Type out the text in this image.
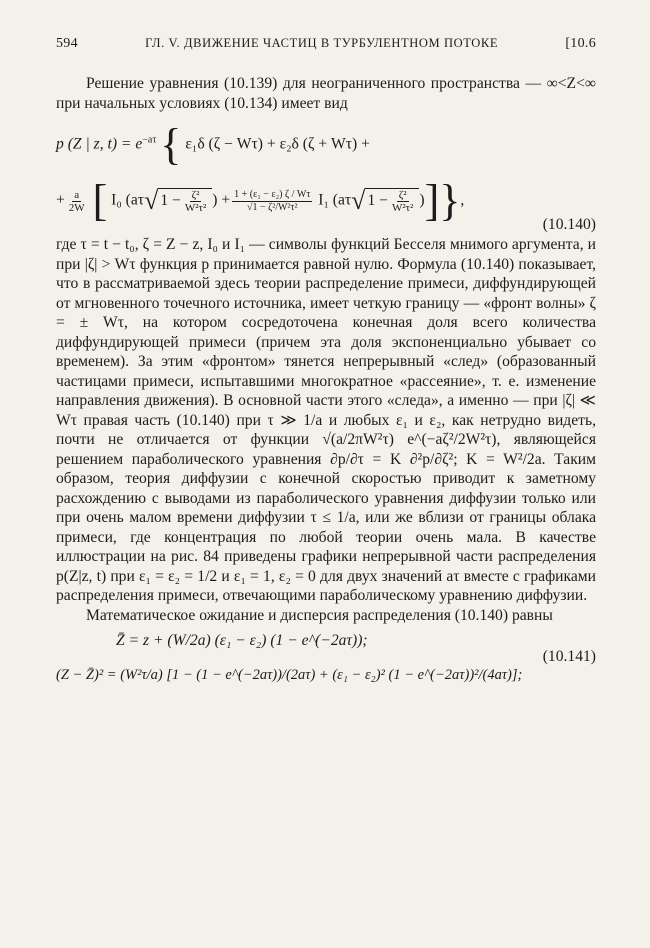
594	ГЛ. V. ДВИЖЕНИЕ ЧАСТИЦ В ТУРБУЛЕНТНОМ ПОТОКЕ	[10.6

Решение уравнения (10.139) для неограниченного пространства — ∞<Z<∞ при начальных условиях (10.134) имеет вид

p (Z | z, $t) = e^{-a\tau}$ { ε₁δ (ζ − Wτ) + ε₂δ (ζ + Wτ) +
+ $\frac{a}{2W}$ [ I₀ (aτ√ $1 - \frac{\text{ζ²}}{\text{W²τ²}}$ ) + $\frac{\text{1 + (ε₁ − ε₂) ζ / Wτ}}{\text{√1 − ζ²/W²τ²}} I_1$ (aτ√ $1 - \frac{\text{ζ²}}{\text{W²τ²}}$ )]},
(10.140)

где τ = t − t₀, ζ = Z − z, I₀ и I₁ — символы функций Бесселя мнимого аргумента, и при |ζ| > Wτ функция p принимается равной нулю. Формула (10.140) показывает, что в рассматриваемой здесь теории распределение примеси, диффундирующей от мгновенного точечного источника, имеет четкую границу — «фронт волны» ζ = ± Wτ, на котором сосредоточена конечная доля всего количества диффундирующей примеси (причем эта доля экспоненциально убывает со временем). За этим «фронтом» тянется непрерывный «след» (образованный частицами примеси, испытавшими многократное «рассеяние», т. е. изменение направления движения). В основной части этого «следа», а именно — при |ζ| ≪ Wτ правая часть (10.140) при τ ≫ 1/a и любых ε₁ и ε₂, как нетрудно видеть, почти не отличается от функции √(a/2πW²τ) e^(−aζ²/2W²τ), являющейся решением параболического уравнения ∂p/∂τ = K ∂²p/∂ζ²; K = W²/2a. Таким образом, теория диффузии с конечной скоростью приводит к заметному расхождению с выводами из параболического уравнения диффузии только или при очень малом времени диффузии τ ≤ 1/a, или же вблизи от границы облака примеси, где концентрация по любой теории очень мала. В качестве иллюстрации на рис. 84 приведены графики непрерывной части распределения p(Z|z, t) при ε₁ = ε₂ = 1/2 и ε₁ = 1, ε₂ = 0 для двух значений aτ вместе с графиками распределения примеси, отвечающими параболическому уравнению диффузии.

Математическое ожидание и дисперсия распределения (10.140) равны

Z̄ = z + (W/2a) (ε₁ − ε₂) (1 − e^(−2aτ));
(Z − Z̄)² = (W²τ/a) [1 − (1 − e^(−2aτ))/(2aτ) + (ε₁ − ε₂)² (1 − e^(−2aτ))²/(4aτ)];
(10.141)
